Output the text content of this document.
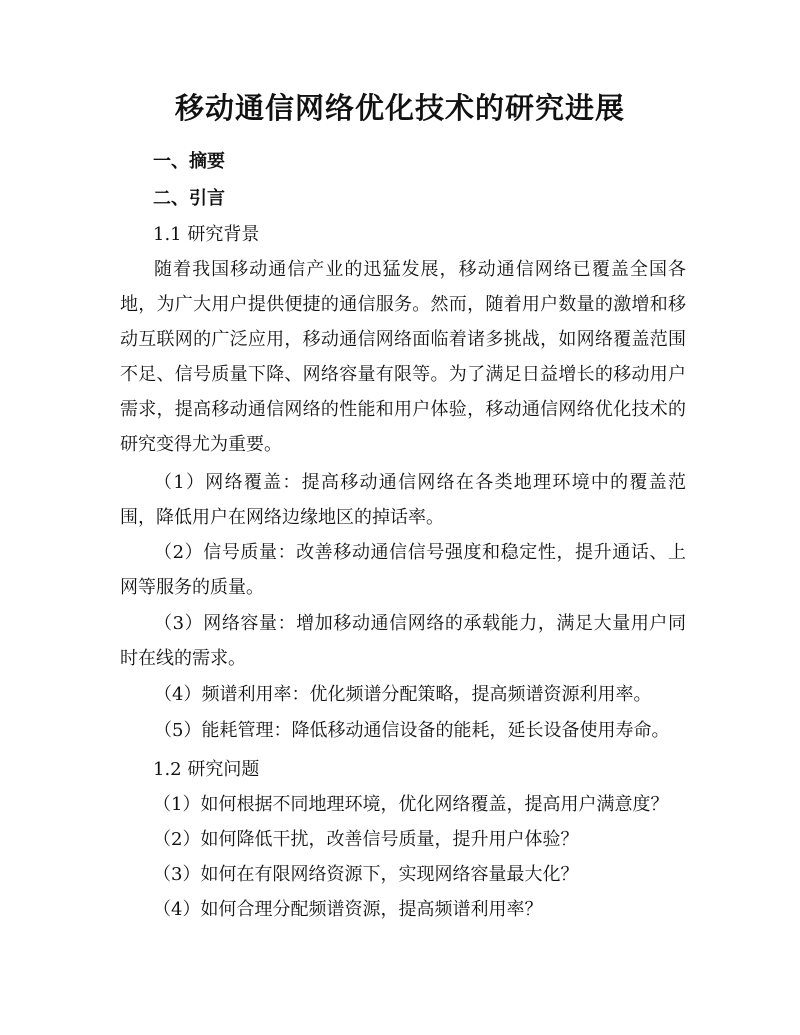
移动通信网络优化技术的研究进展
一、摘要
二、引言
1.1 研究背景
随着我国移动通信产业的迅猛发展，移动通信网络已覆盖全国各地，为广大用户提供便捷的通信服务。然而，随着用户数量的激增和移动互联网的广泛应用，移动通信网络面临着诸多挑战，如网络覆盖范围不足、信号质量下降、网络容量有限等。为了满足日益增长的移动用户需求，提高移动通信网络的性能和用户体验，移动通信网络优化技术的研究变得尤为重要。
（1）网络覆盖：提高移动通信网络在各类地理环境中的覆盖范围，降低用户在网络边缘地区的掉话率。
（2）信号质量：改善移动通信信号强度和稳定性，提升通话、上网等服务的质量。
（3）网络容量：增加移动通信网络的承载能力，满足大量用户同时在线的需求。
（4）频谱利用率：优化频谱分配策略，提高频谱资源利用率。
（5）能耗管理：降低移动通信设备的能耗，延长设备使用寿命。
1.2 研究问题
（1）如何根据不同地理环境，优化网络覆盖，提高用户满意度？
（2）如何降低干扰，改善信号质量，提升用户体验？
（3）如何在有限网络资源下，实现网络容量最大化？
（4）如何合理分配频谱资源，提高频谱利用率？
